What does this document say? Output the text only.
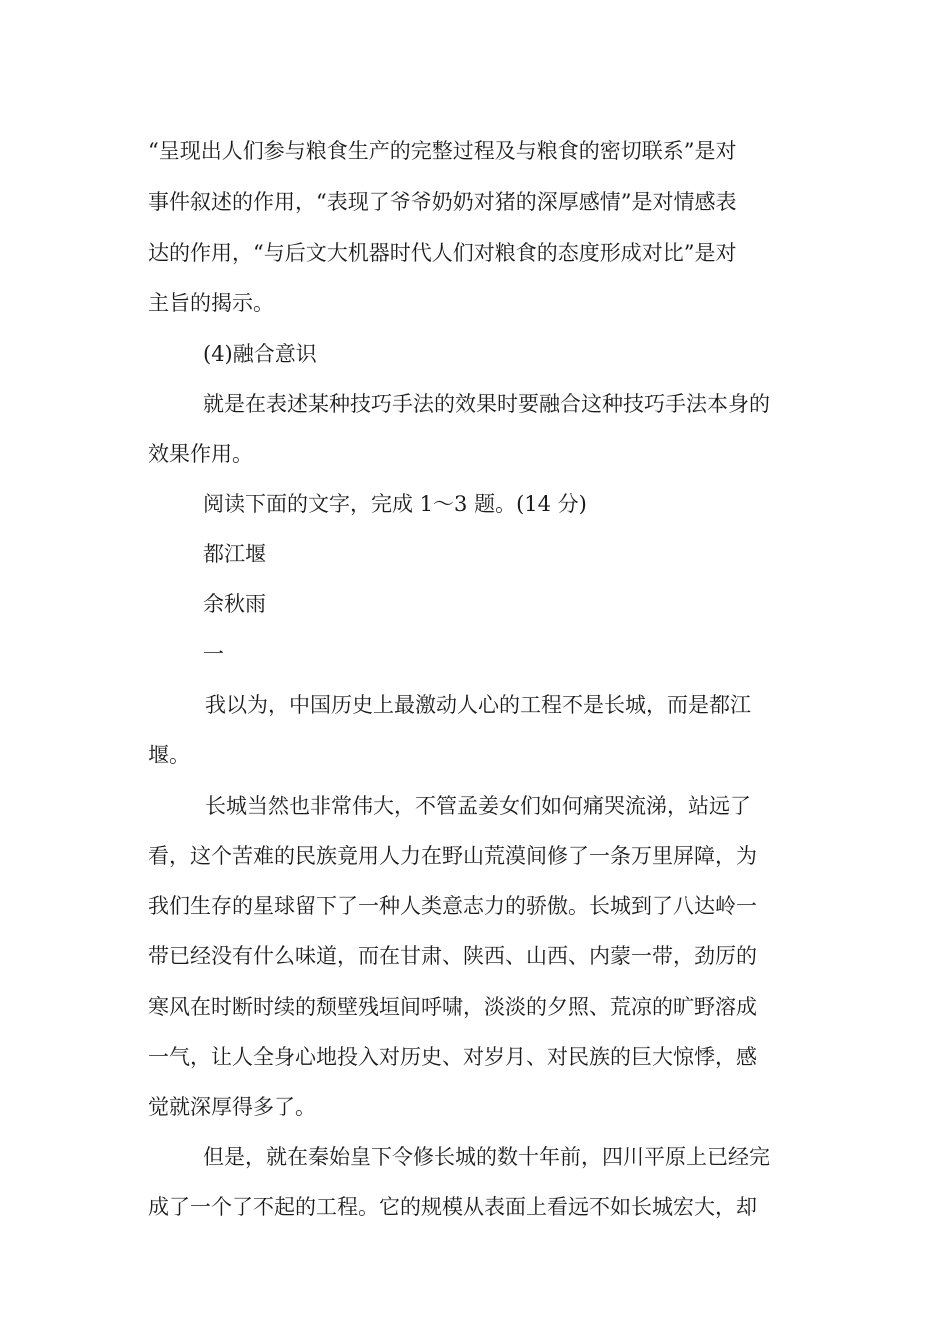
“呈现出人们参与粮食生产的完整过程及与粮食的密切联系”是对
事件叙述的作用，“表现了爷爷奶奶对猪的深厚感情”是对情感表
达的作用，“与后文大机器时代人们对粮食的态度形成对比”是对
主旨的揭示。
(4)融合意识
就是在表述某种技巧手法的效果时要融合这种技巧手法本身的
效果作用。
阅读下面的文字，完成 1～3 题。(14 分)
都江堰
余秋雨
一
我以为，中国历史上最激动人心的工程不是长城，而是都江
堰。
长城当然也非常伟大，不管孟姜女们如何痛哭流涕，站远了
看，这个苦难的民族竟用人力在野山荒漠间修了一条万里屏障，为
我们生存的星球留下了一种人类意志力的骄傲。长城到了八达岭一
带已经没有什么味道，而在甘肃、陕西、山西、内蒙一带，劲厉的
寒风在时断时续的颓壁残垣间呼啸，淡淡的夕照、荒凉的旷野溶成
一气，让人全身心地投入对历史、对岁月、对民族的巨大惊悸，感
觉就深厚得多了。
但是，就在秦始皇下令修长城的数十年前，四川平原上已经完
成了一个了不起的工程。它的规模从表面上看远不如长城宏大，却
